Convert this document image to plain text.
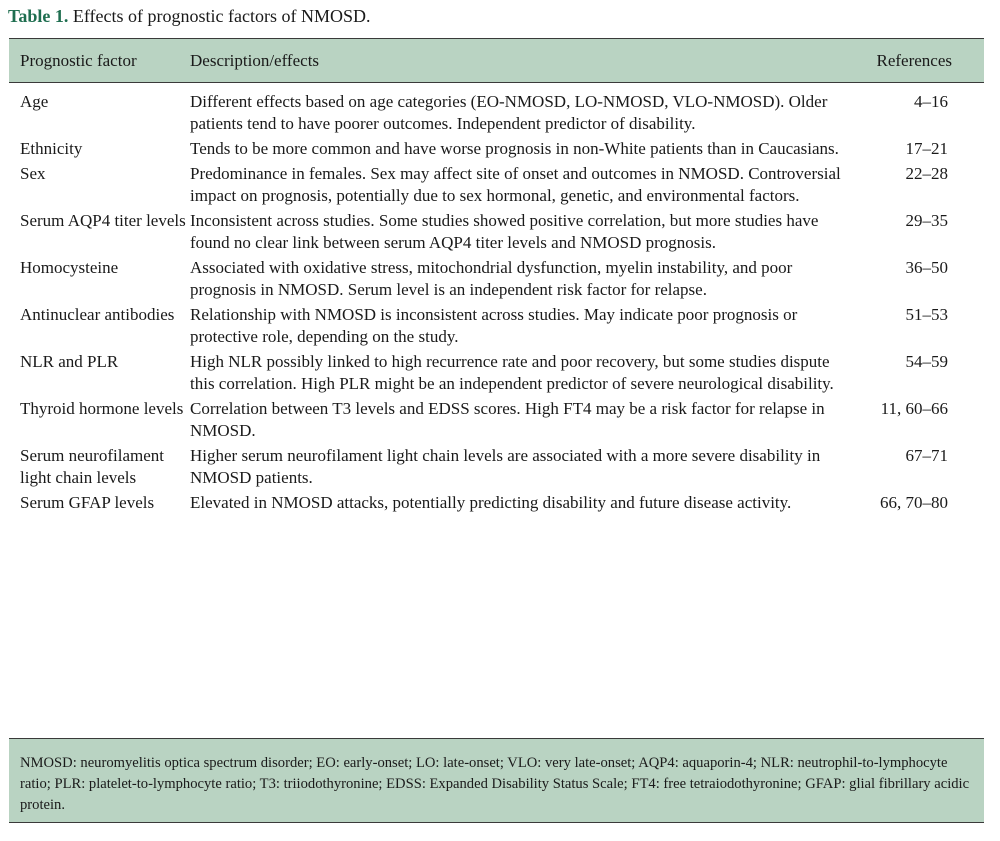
Table 1. Effects of prognostic factors of NMOSD.
Prognostic factor	Description/effects	References
Age	Different effects based on age categories (EO-NMOSD, LO-NMOSD, VLO-NMOSD). Older patients tend to have poorer outcomes. Independent predictor of disability.	4–16
Ethnicity	Tends to be more common and have worse prognosis in non-White patients than in Caucasians.	17–21
Sex	Predominance in females. Sex may affect site of onset and outcomes in NMOSD. Controversial impact on prognosis, potentially due to sex hormonal, genetic, and environmental factors.	22–28
Serum AQP4 titer levels	Inconsistent across studies. Some studies showed positive correlation, but more studies have found no clear link between serum AQP4 titer levels and NMOSD prognosis.	29–35
Homocysteine	Associated with oxidative stress, mitochondrial dysfunction, myelin instability, and poor prognosis in NMOSD. Serum level is an independent risk factor for relapse.	36–50
Antinuclear antibodies	Relationship with NMOSD is inconsistent across studies. May indicate poor prognosis or protective role, depending on the study.	51–53
NLR and PLR	High NLR possibly linked to high recurrence rate and poor recovery, but some studies dispute this correlation. High PLR might be an independent predictor of severe neurological disability.	54–59
Thyroid hormone levels	Correlation between T3 levels and EDSS scores. High FT4 may be a risk factor for relapse in NMOSD.	11, 60–66
Serum neurofilament light chain levels	Higher serum neurofilament light chain levels are associated with a more severe disability in NMOSD patients.	67–71
Serum GFAP levels	Elevated in NMOSD attacks, potentially predicting disability and future disease activity.	66, 70–80
NMOSD: neuromyelitis optica spectrum disorder; EO: early-onset; LO: late-onset; VLO: very late-onset; AQP4: aquaporin-4; NLR: neutrophil-to-lymphocyte ratio; PLR: platelet-to-lymphocyte ratio; T3: triiodothyronine; EDSS: Expanded Disability Status Scale; FT4: free tetraiodothyronine; GFAP: glial fibrillary acidic protein.
